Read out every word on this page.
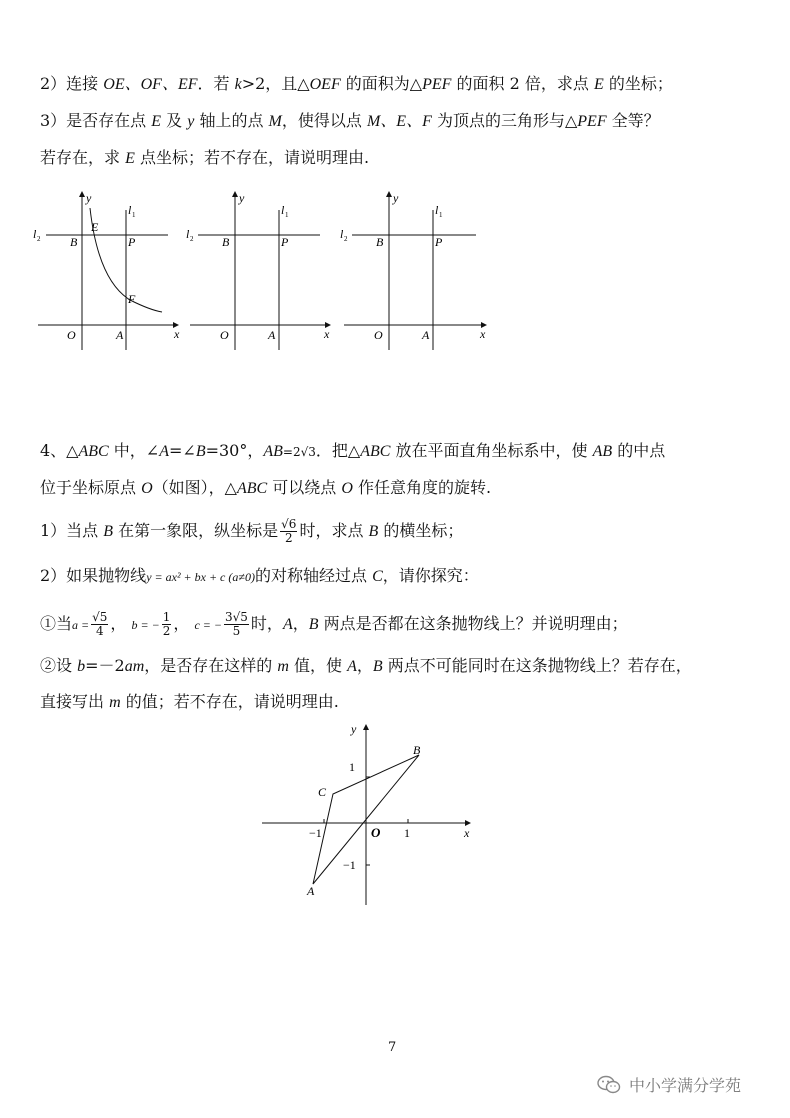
2）连接 OE、OF、EF．若 k>2，且△OEF 的面积为△PEF 的面积 2 倍，求点 E 的坐标；
3）是否存在点 E 及 y 轴上的点 M，使得以点 M、E、F 为顶点的三角形与△PEF 全等？
若存在，求 E 点坐标；若不存在，请说明理由.
y
x
O	A
B
E
P
F
l 1
l 2
y
x
O	A
B	P
l 1
l 2
y
x
O	A
B	P
l 1
l 2
4、△ABC 中，∠A=∠B=30°，AB=2√3．把△ABC 放在平面直角坐标系中，使 AB 的中点
位于坐标原点 O（如图），△ABC 可以绕点 O 作任意角度的旋转.
1）当点 B 在第一象限，纵坐标是 $\frac{√6}{2}$ 时，求点 B 的横坐标；
2）如果抛物线y = ax² + bx + c (a≠0)的对称轴经过点 C，请你探究：
①当$a = \frac{√5}{4}$ ， b = − $\frac{1}{2}$ ， c = − $\frac{3√5}{5}$ 时，A，B 两点是否都在这条抛物线上？并说明理由；
②设 b=－2am，是否存在这样的 m 值，使 A，B 两点不可能同时在这条抛物线上？若存在，
直接写出 m 的值；若不存在，请说明理由.
y
x
O
B
C
A
1
−1
1
−1
7
中小学满分学苑
